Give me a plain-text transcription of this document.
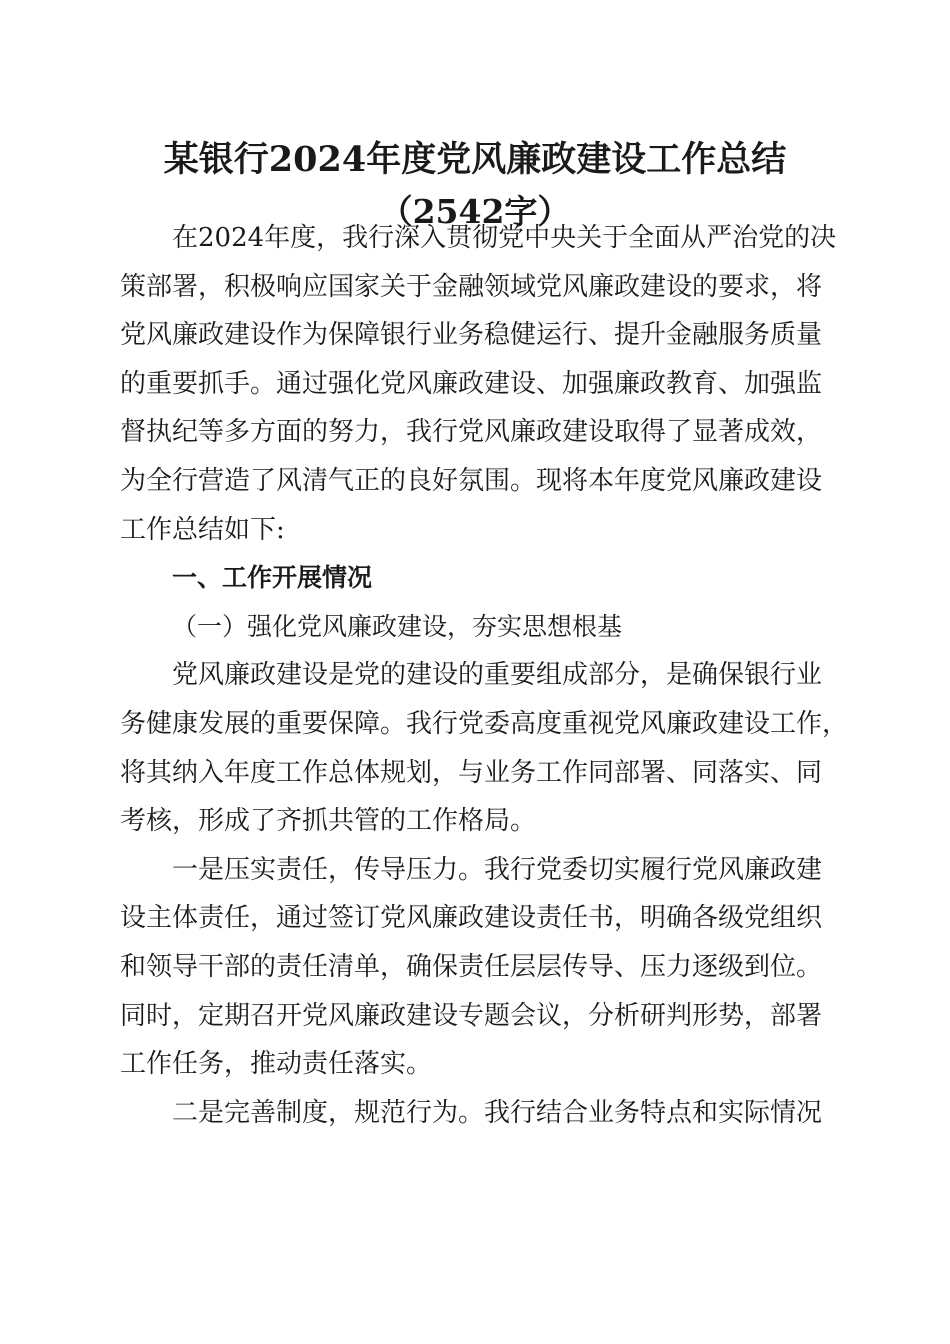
某银行2024年度党风廉政建设工作总结
（2542字）
在2024年度，我行深入贯彻党中央关于全面从严治党的决
策部署，积极响应国家关于金融领域党风廉政建设的要求，将
党风廉政建设作为保障银行业务稳健运行、提升金融服务质量
的重要抓手。通过强化党风廉政建设、加强廉政教育、加强监
督执纪等多方面的努力，我行党风廉政建设取得了显著成效，
为全行营造了风清气正的良好氛围。现将本年度党风廉政建设
工作总结如下:
一、工作开展情况
（一）强化党风廉政建设，夯实思想根基
党风廉政建设是党的建设的重要组成部分，是确保银行业
务健康发展的重要保障。我行党委高度重视党风廉政建设工作，
将其纳入年度工作总体规划，与业务工作同部署、同落实、同
考核，形成了齐抓共管的工作格局。
一是压实责任，传导压力。我行党委切实履行党风廉政建
设主体责任，通过签订党风廉政建设责任书，明确各级党组织
和领导干部的责任清单，确保责任层层传导、压力逐级到位。
同时，定期召开党风廉政建设专题会议，分析研判形势，部署
工作任务，推动责任落实。
二是完善制度，规范行为。我行结合业务特点和实际情况
